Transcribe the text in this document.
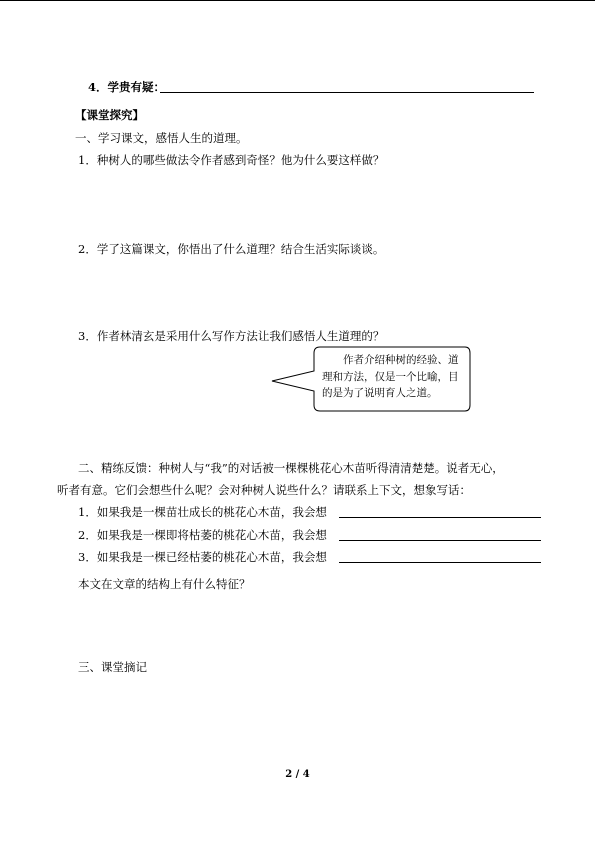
4．学贵有疑：
【课堂探究】
一、学习课文，感悟人生的道理。
1．种树人的哪些做法令作者感到奇怪？他为什么要这样做？
2．学了这篇课文，你悟出了什么道理？结合生活实际谈谈。
3．作者林清玄是采用什么写作方法让我们感悟人生道理的？
作者介绍种树的经验、道理和方法，仅是一个比喻，目的是为了说明育人之道。
二、精练反馈：种树人与“我”的对话被一棵棵桃花心木苗听得清清楚楚。说者无心，
听者有意。它们会想些什么呢？会对种树人说些什么？请联系上下文，想象写话：
1．如果我是一棵苗壮成长的桃花心木苗，我会想
2．如果我是一棵即将枯萎的桃花心木苗，我会想
3．如果我是一棵已经枯萎的桃花心木苗，我会想
本文在文章的结构上有什么特征？
三、课堂摘记
2 / 4
